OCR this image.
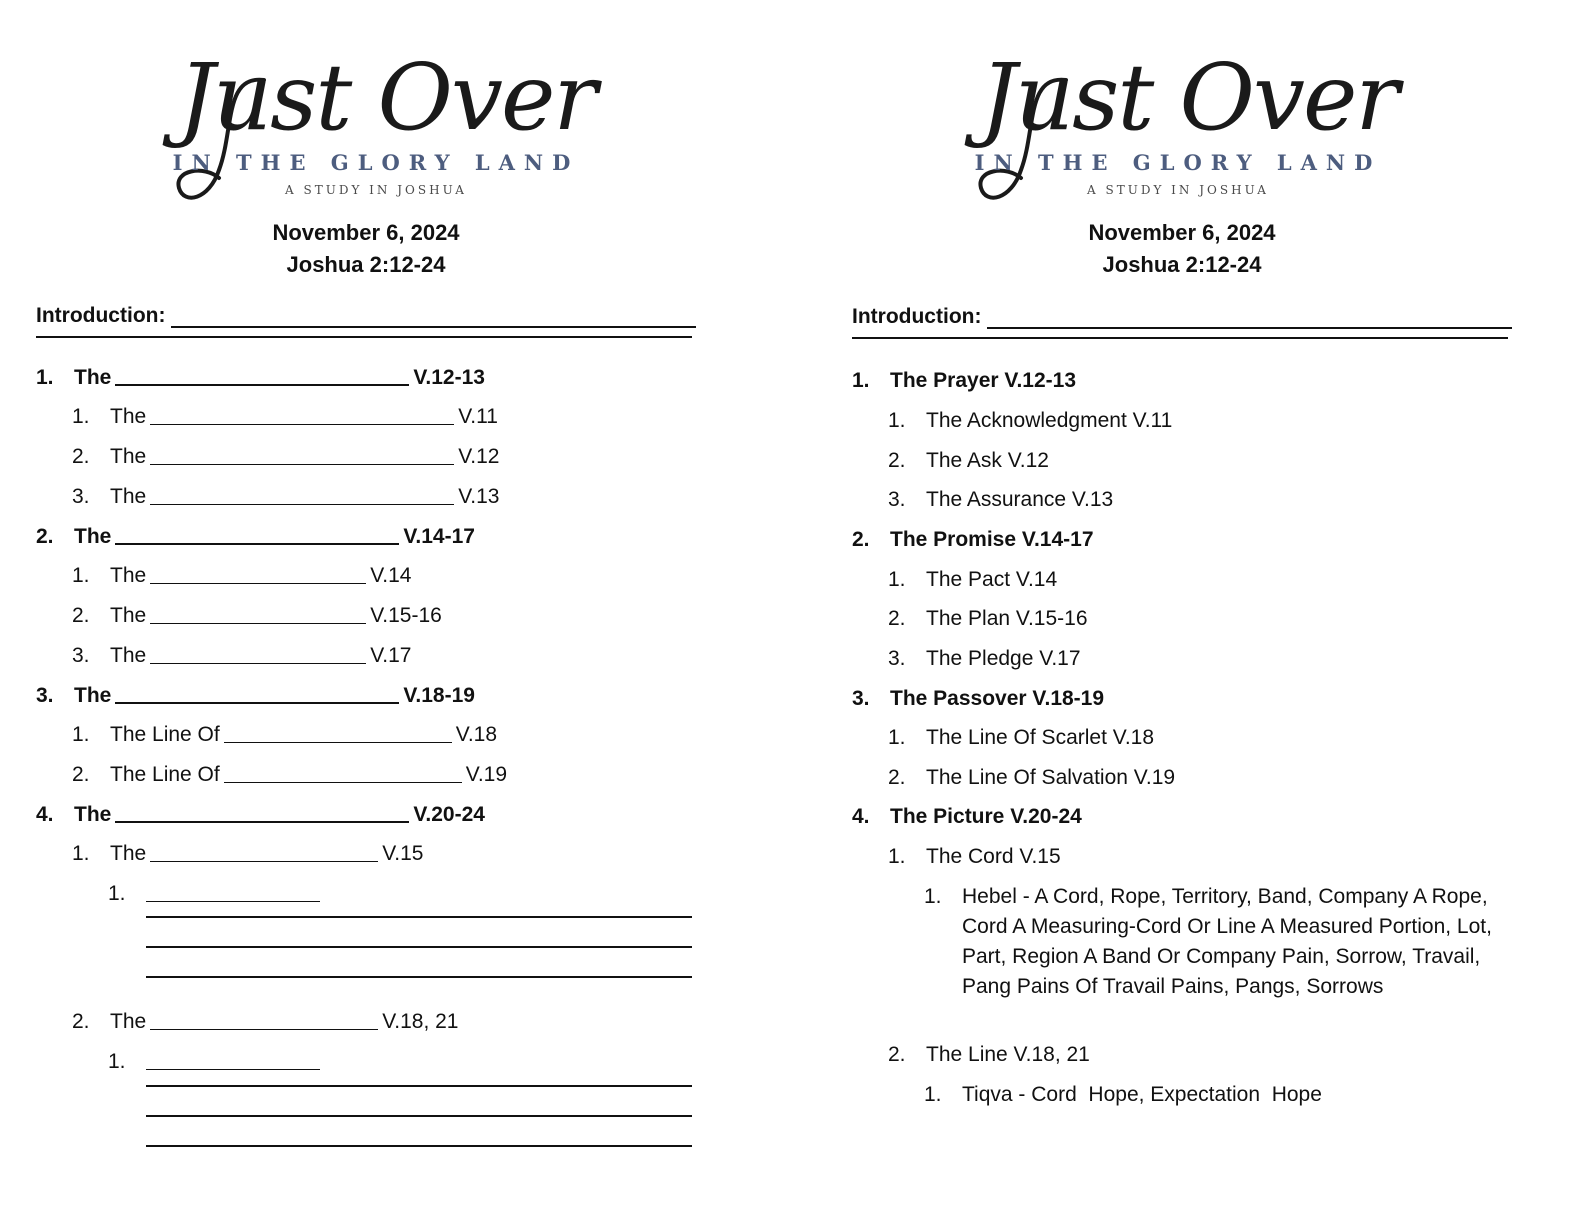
Just Over
IN THE GLORY LAND
A STUDY IN JOSHUA
November 6, 2024
Joshua 2:12-24
Introduction:
1. The	V.12-13
1. The	V.11
2. The	V.12
3. The	V.13
2. The	V.14-17
1. The	V.14
2. The	V.15-16
3. The	V.17
3. The	V.18-19
1. The Line Of	V.18
2. The Line Of	V.19
4. The	V.20-24
1. The	V.15
1.
2. The	V.18, 21
1.
Just Over
IN THE GLORY LAND
A STUDY IN JOSHUA
November 6, 2024
Joshua 2:12-24
Introduction:
1. The Prayer V.12-13
1. The Acknowledgment V.11
2. The Ask V.12
3. The Assurance V.13
2. The Promise V.14-17
1. The Pact V.14
2. The Plan V.15-16
3. The Pledge V.17
3. The Passover V.18-19
1. The Line Of Scarlet V.18
2. The Line Of Salvation V.19
4. The Picture V.20-24
1. The Cord V.15
1. Hebel - A Cord, Rope, Territory, Band, Company A Rope, Cord A Measuring-Cord Or Line A Measured Portion, Lot, Part, Region A Band Or Company Pain, Sorrow, Travail, Pang Pains Of Travail Pains, Pangs, Sorrows
2. The Line V.18, 21
1. Tiqva - Cord  Hope, Expectation  Hope
